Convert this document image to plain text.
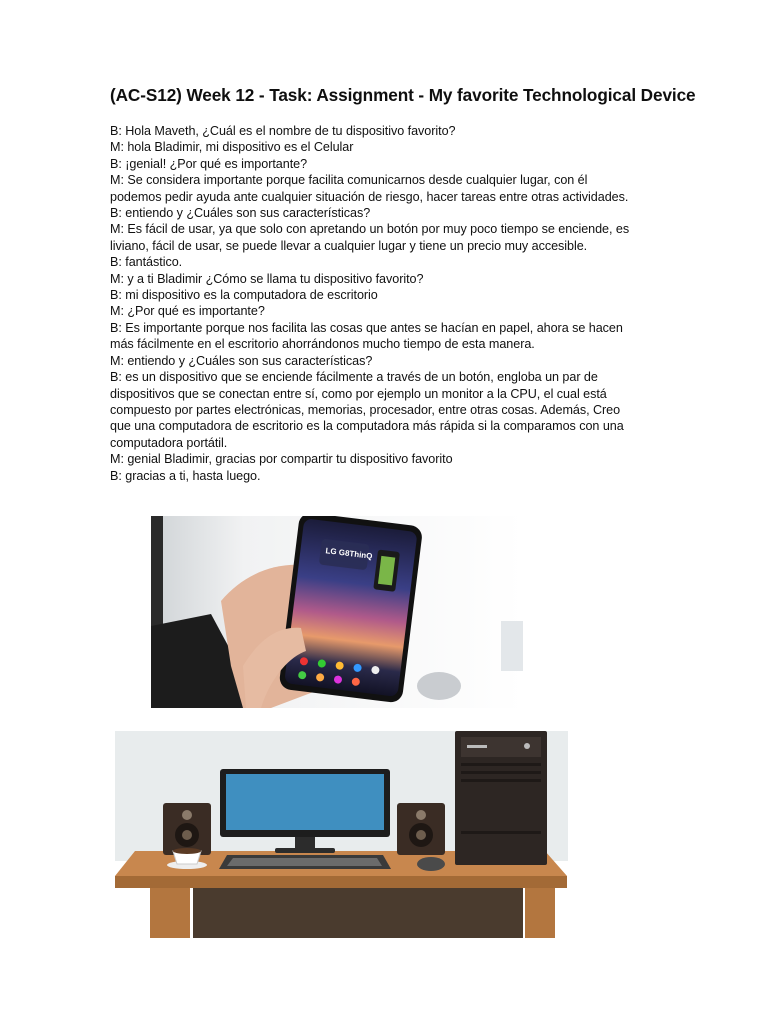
(AC-S12) Week 12 - Task: Assignment - My favorite Technological Device
B: Hola Maveth, ¿Cuál es el nombre de tu dispositivo favorito?
M: hola Bladimir, mi dispositivo es el Celular
B: ¡genial! ¿Por qué es importante?
M: Se considera importante porque facilita comunicarnos desde cualquier lugar, con él
podemos pedir ayuda ante cualquier situación de riesgo, hacer tareas entre otras actividades.
B: entiendo y ¿Cuáles son sus características?
M: Es fácil de usar, ya que solo con apretando un botón por muy poco tiempo se enciende, es
liviano, fácil de usar, se puede llevar a cualquier lugar y tiene un precio muy accesible.
B: fantástico.
M: y a ti Bladimir ¿Cómo se llama tu dispositivo favorito?
B: mi dispositivo es la computadora de escritorio
M: ¿Por qué es importante?
B: Es importante porque nos facilita las cosas que antes se hacían en papel, ahora se hacen
más fácilmente en el escritorio ahorrándonos mucho tiempo de esta manera.
M: entiendo y ¿Cuáles son sus características?
B: es un dispositivo que se enciende fácilmente a través de un botón, engloba un par de
dispositivos que se conectan entre sí, como por ejemplo un monitor a la CPU, el cual está
compuesto por partes electrónicas, memorias, procesador, entre otras cosas. Además, Creo
que una computadora de escritorio es la computadora más rápida si la comparamos con una
computadora portátil.
M: genial Bladimir, gracias por compartir tu dispositivo favorito
B: gracias a ti, hasta luego.
LG G8ThinQ
